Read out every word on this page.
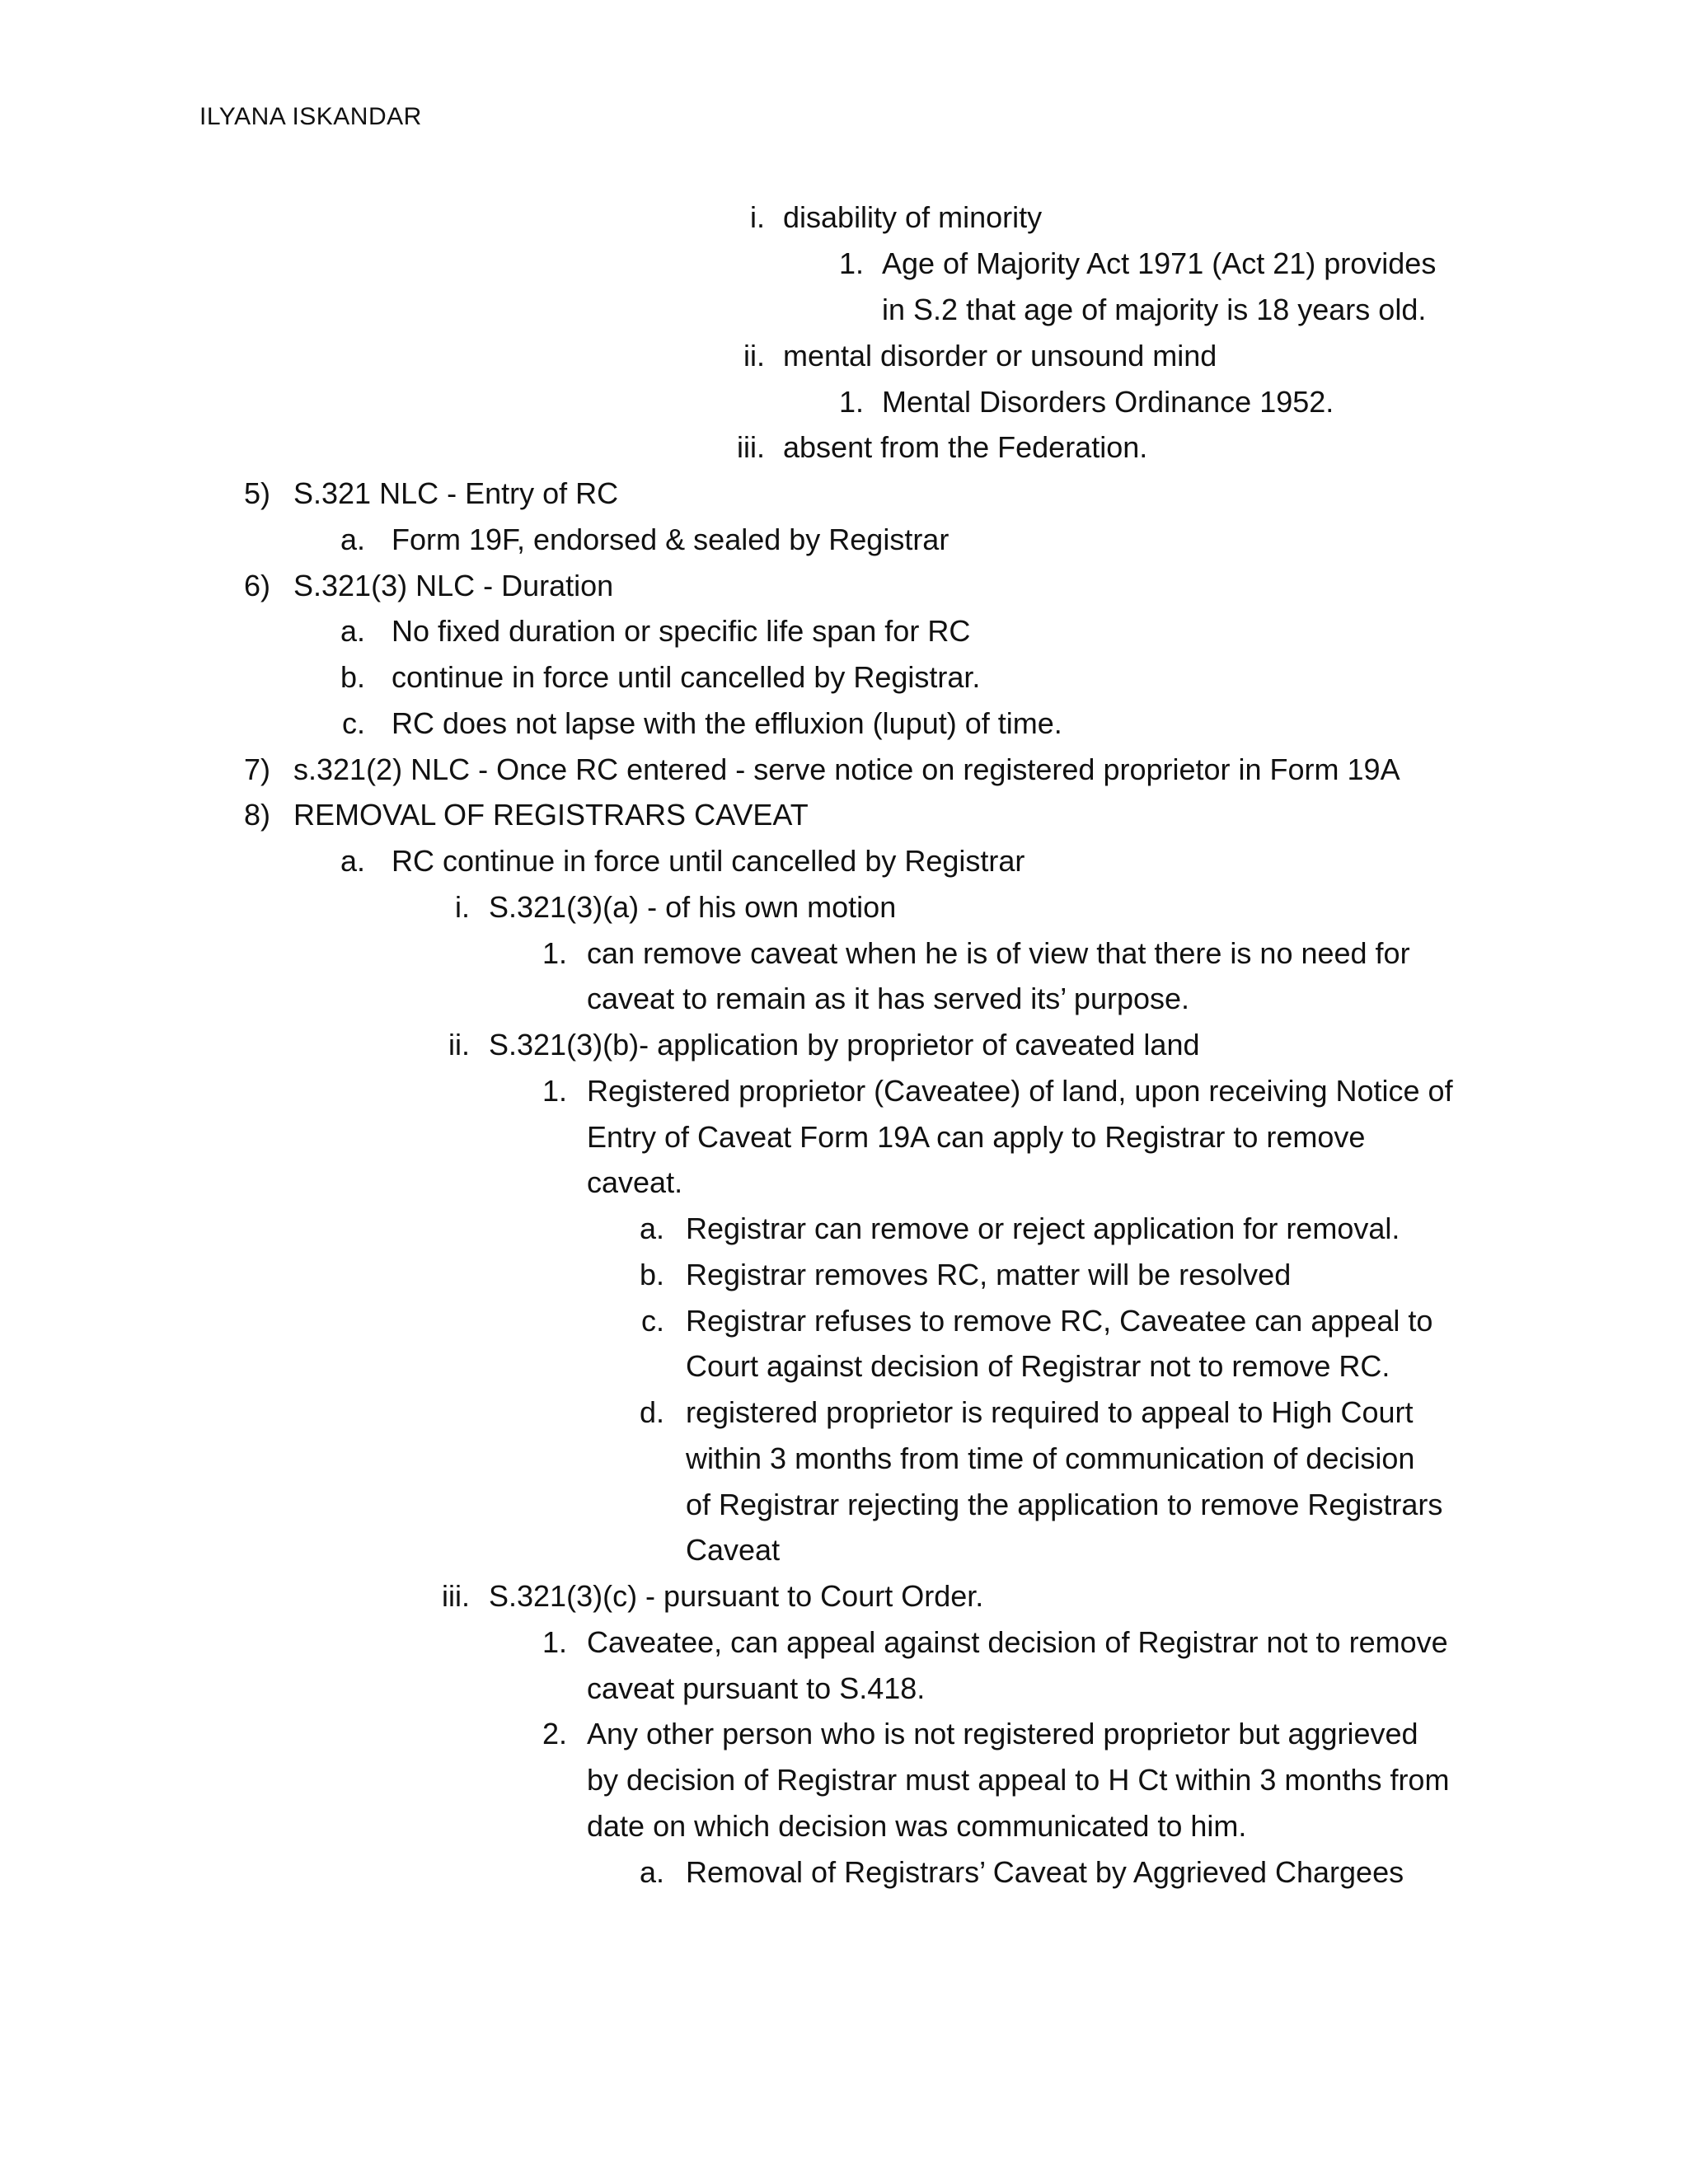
ILYANA ISKANDAR
i. disability of minority
1. Age of Majority Act 1971 (Act 21) provides
in S.2 that age of majority is 18 years old.
ii. mental disorder or unsound mind
1. Mental Disorders Ordinance 1952.
iii. absent from the Federation.
5) S.321 NLC - Entry of RC
a. Form 19F, endorsed & sealed by Registrar
6) S.321(3) NLC - Duration
a. No fixed duration or specific life span for RC
b. continue in force until cancelled by Registrar.
c. RC does not lapse with the effluxion (luput) of time.
7) s.321(2) NLC - Once RC entered - serve notice on registered proprietor in Form 19A
8) REMOVAL OF REGISTRARS CAVEAT
a. RC continue in force until cancelled by Registrar
i. S.321(3)(a) - of his own motion
1. can remove caveat when he is of view that there is no need for
caveat to remain as it has served its’ purpose.
ii. S.321(3)(b)- application by proprietor of caveated land
1. Registered proprietor (Caveatee) of land, upon receiving Notice of
Entry of Caveat Form 19A can apply to Registrar to remove
caveat.
a. Registrar can remove or reject application for removal.
b. Registrar removes RC, matter will be resolved
c. Registrar refuses to remove RC, Caveatee can appeal to
Court against decision of Registrar not to remove RC.
d. registered proprietor is required to appeal to High Court
within 3 months from time of communication of decision
of Registrar rejecting the application to remove Registrars
Caveat
iii. S.321(3)(c) - pursuant to Court Order.
1. Caveatee, can appeal against decision of Registrar not to remove
caveat pursuant to S.418.
2. Any other person who is not registered proprietor but aggrieved
by decision of Registrar must appeal to H Ct within 3 months from
date on which decision was communicated to him.
a. Removal of Registrars’ Caveat by Aggrieved Chargees
